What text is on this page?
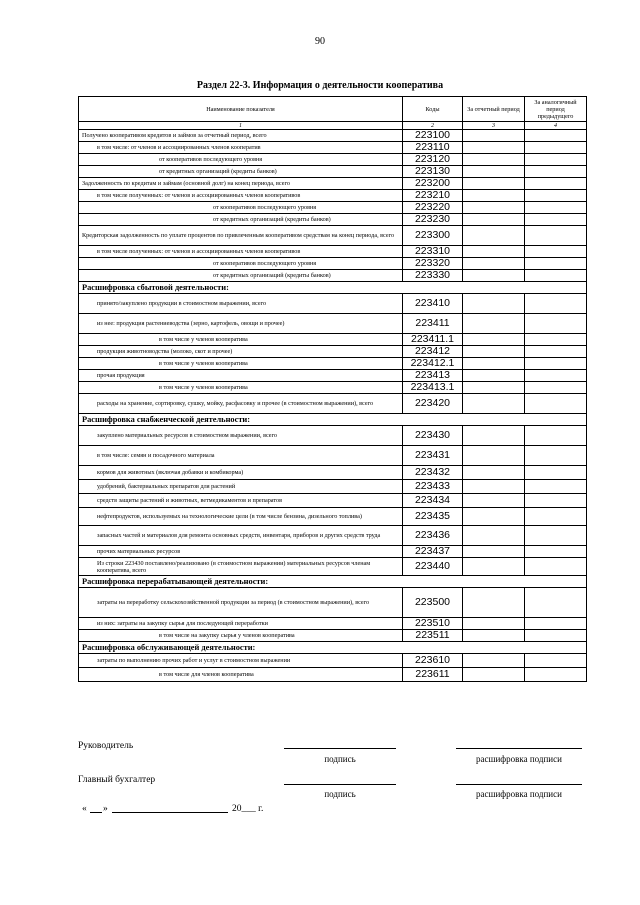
90
Раздел 22-3. Информация о деятельности кооператива
Наименование показателя	Коды	За отчетный период	За аналогичный период предыдущего
1	2	3	4
Получено кооперативом кредитов и займов за отчетный период, всего	223100		
в том числе: от членов и ассоциированных членов кооператив	223110		
от кооперативов последующего уровня	223120		
от кредитных организаций (кредиты банков)	223130		
Задолженность по кредитам и займам (основной долг) на конец периода, всего	223200		
в том числе полученных: от членов и ассоциированных членов кооперативов	223210		
от кооперативов последующего уровня	223220		
от кредитных организаций (кредиты банков)	223230		
Кредиторская задолженность по уплате процентов по привлеченным кооперативом средствам на конец периода, всего	223300		
в том числе полученных: от членов и ассоциированных членов кооперативов	223310		
от кооперативов последующего уровня	223320		
от кредитных организаций (кредиты банков)	223330		
Расшифровка сбытовой деятельности:			
принято/закуплено продукции в стоимостном выражении, всего	223410		
из нее: продукция растениеводства (зерно, картофель, овощи и прочее)	223411		
в том числе у членов кооператива	223411.1		
продукция животноводства (молоко, скот и прочее)	223412		
в том числе у членов кооператива	223412.1		
прочая продукция	223413		
в том числе у членов кооператива	223413.1		
расходы на хранение, сортировку, сушку, мойку, расфасовку и прочее (в стоимостном выражении), всего	223420		
Расшифровка снабженческой деятельности:			
закуплено материальных ресурсов в стоимостном выражении, всего	223430		
в том числе: семян и посадочного материала	223431		
кормов для животных (включая добавки и комбикорма)	223432		
удобрений, бактериальных препаратов для растений	223433		
средств защиты растений и животных, ветмедикаментов и препаратов	223434		
нефтепродуктов, используемых на технологические цели (в том числе бензина, дизельного топлива)	223435		
запасных частей и материалов для ремонта основных средств, инвентаря, приборов и других средств труда	223436		
прочих материальных ресурсов	223437		
Из строки 223430 поставлено/реализовано (в стоимостном выражении) материальных ресурсов членам кооператива, всего	223440		
Расшифровка перерабатывающей деятельности:			
затраты на переработку сельскохозяйственной продукции за период (в стоимостном выражении), всего	223500		
из них: затраты на закупку сырья для последующей переработки	223510		
в том числе на закупку сырья у членов кооператива	223511		
Расшифровка обслуживающей деятельности:			
затраты по выполнению прочих работ и услуг в стоимостном выражении	223610		
в том числе для членов кооператива	223611		
Руководитель
подпись	расшифровка подписи
Главный бухгалтер
подпись	расшифровка подписи
« »	20___ г.
